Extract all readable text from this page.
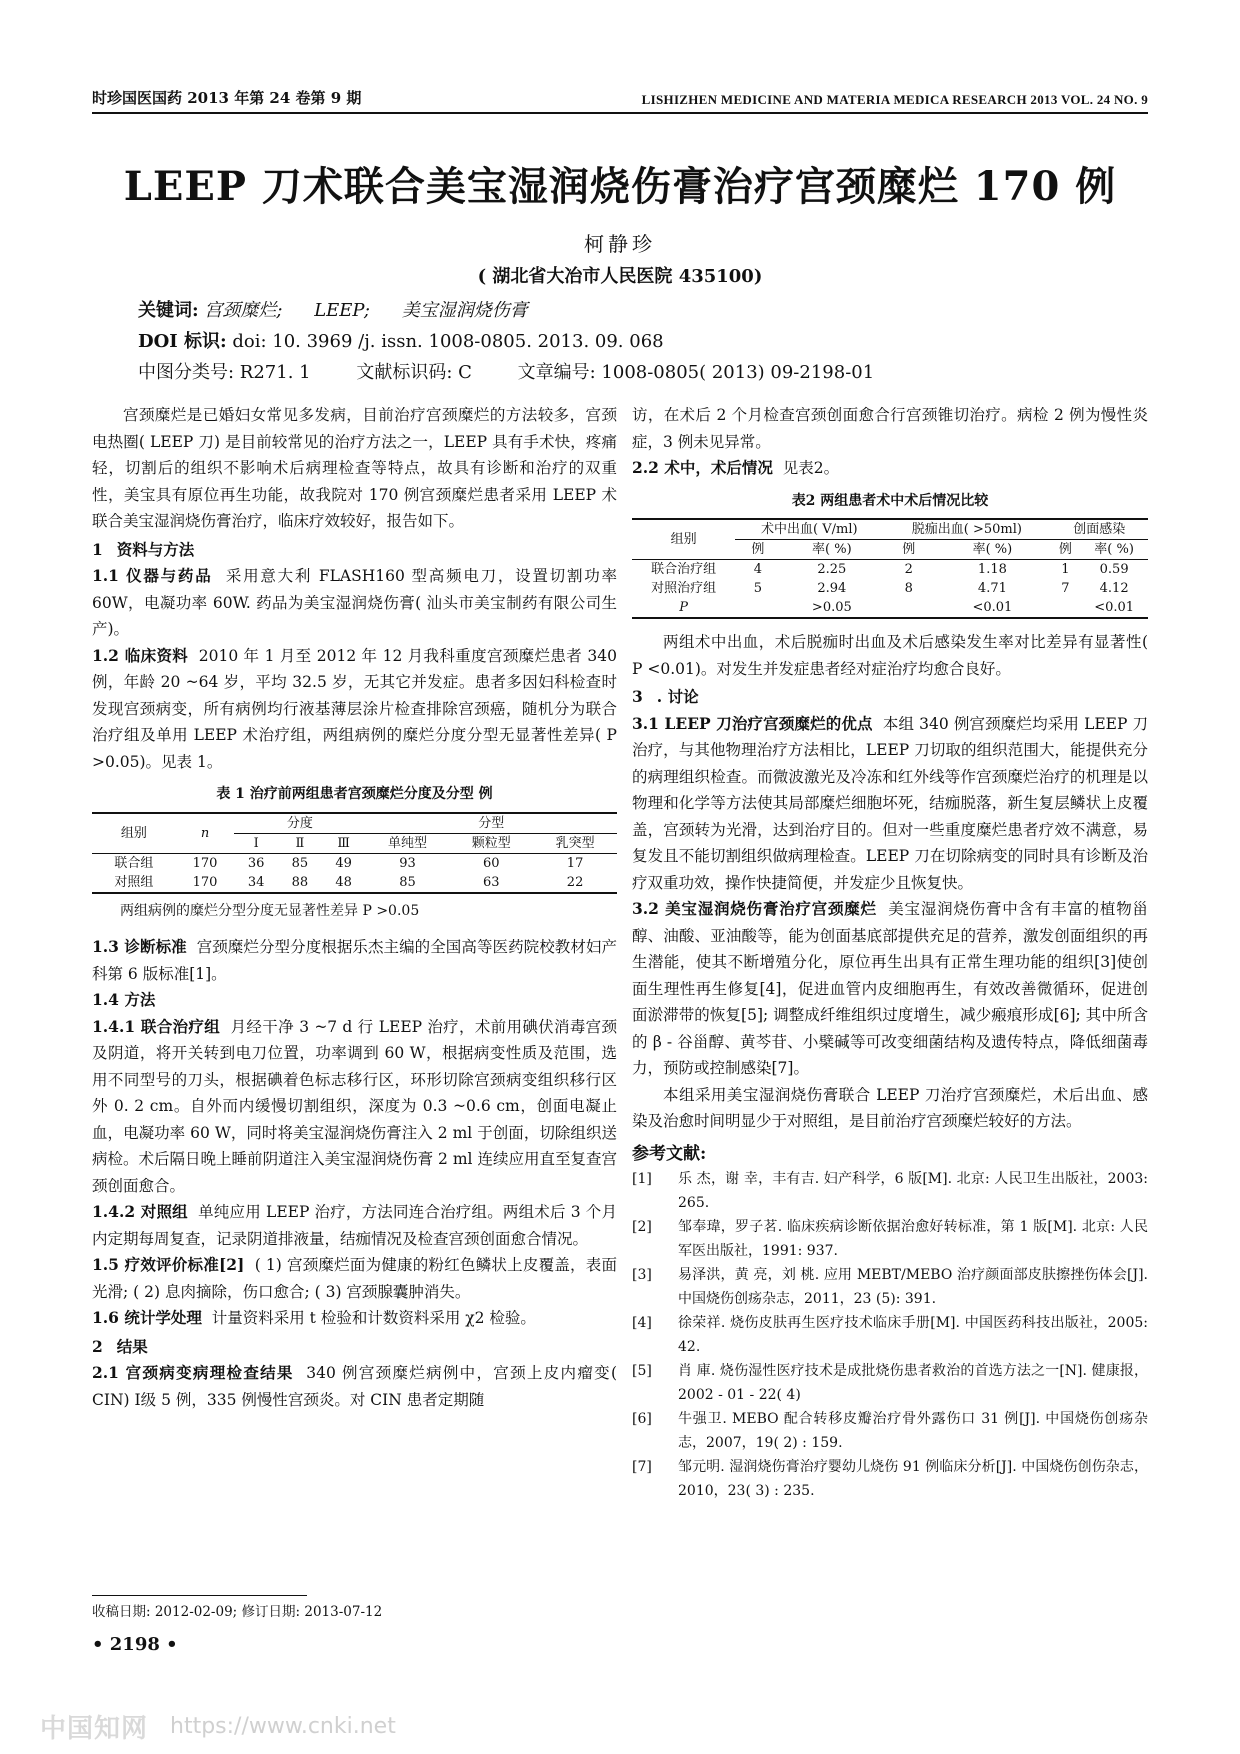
时珍国医国药 2013 年第 24 卷第 9 期	LISHIZHEN MEDICINE AND MATERIA MEDICA RESEARCH 2013 VOL. 24 NO. 9
LEEP 刀术联合美宝湿润烧伤膏治疗宫颈糜烂 170 例
柯静珍
( 湖北省大冶市人民医院 435100)
关键词: 宫颈糜烂; LEEP; 美宝湿润烧伤膏
DOI 标识: doi: 10. 3969 /j. issn. 1008-0805. 2013. 09. 068
中图分类号: R271. 1	文献标识码: C	文章编号: 1008-0805( 2013) 09-2198-01

宫颈糜烂是已婚妇女常见多发病，目前治疗宫颈糜烂的方法较多，宫颈电热圈( LEEP 刀) 是目前较常见的治疗方法之一，LEEP 具有手术快，疼痛轻，切割后的组织不影响术后病理检查等特点，故具有诊断和治疗的双重性，美宝具有原位再生功能，故我院对 170 例宫颈糜烂患者采用 LEEP 术联合美宝湿润烧伤膏治疗，临床疗效较好，报告如下。

1 资料与方法

1.1 仪器与药品 采用意大利 FLASH160 型高频电刀，设置切割功率 60W，电凝功率 60W. 药品为美宝湿润烧伤膏( 汕头市美宝制药有限公司生产)。

1.2 临床资料 2010 年 1 月至 2012 年 12 月我科重度宫颈糜烂患者 340 例，年龄 20 ~64 岁，平均 32.5 岁，无其它并发症。患者多因妇科检查时发现宫颈病变，所有病例均行液基薄层涂片检查排除宫颈癌，随机分为联合治疗组及单用 LEEP 术治疗组，两组病例的糜烂分度分型无显著性差异( P >0.05)。见表 1。

表 1 治疗前两组患者宫颈糜烂分度及分型 例
组别	n	分度			分型		
		Ⅰ	Ⅱ	Ⅲ	单纯型	颗粒型	乳突型
联合组	170	36	85	49	93	60	17
对照组	170	34	88	48	85	63	22
两组病例的糜烂分型分度无显著性差异 P >0.05

1.3 诊断标准 宫颈糜烂分型分度根据乐杰主编的全国高等医药院校教材妇产科第 6 版标准[1]。

1.4 方法

1.4.1 联合治疗组 月经干净 3 ~7 d 行 LEEP 治疗，术前用碘伏消毒宫颈及阴道，将开关转到电刀位置，功率调到 60 W，根据病变性质及范围，选用不同型号的刀头，根据碘着色标志移行区，环形切除宫颈病变组织移行区外 0. 2 cm。自外而内缓慢切割组织，深度为 0.3 ~0.6 cm，创面电凝止血，电凝功率 60 W，同时将美宝湿润烧伤膏注入 2 ml 于创面，切除组织送病检。术后隔日晚上睡前阴道注入美宝湿润烧伤膏 2 ml 连续应用直至复查宫颈创面愈合。

1.4.2 对照组 单纯应用 LEEP 治疗，方法同连合治疗组。两组术后 3 个月内定期每周复查，记录阴道排液量，结痂情况及检查宫颈创面愈合情况。

1.5 疗效评价标准[2] ( 1) 宫颈糜烂面为健康的粉红色鳞状上皮覆盖，表面光滑; ( 2) 息肉摘除，伤口愈合; ( 3) 宫颈腺囊肿消失。

1.6 统计学处理 计量资料采用 t 检验和计数资料采用 χ2 检验。

2 结果

2.1 宫颈病变病理检查结果 340 例宫颈糜烂病例中，宫颈上皮内瘤变( CIN) Ⅰ级 5 例，335 例慢性宫颈炎。对 CIN 患者定期随

访，在术后 2 个月检查宫颈创面愈合行宫颈锥切治疗。病检 2 例为慢性炎症，3 例未见异常。

2.2 术中，术后情况 见表2。

表2 两组患者术中术后情况比较
组别	术中出血( V/ml)		脱痂出血( >50ml)		创面感染	
	例	率( %)	例	率( %)	例	率( %)
联合治疗组	4	2.25	2	1.18	1	0.59
对照治疗组	5	2.94	8	4.71	7	4.12
P		>0.05		<0.01		<0.01

两组术中出血，术后脱痂时出血及术后感染发生率对比差异有显著性( P <0.01)。对发生并发症患者经对症治疗均愈合良好。

3 . 讨论

3.1 LEEP 刀治疗宫颈糜烂的优点 本组 340 例宫颈糜烂均采用 LEEP 刀治疗，与其他物理治疗方法相比，LEEP 刀切取的组织范围大，能提供充分的病理组织检查。而微波激光及冷冻和红外线等作宫颈糜烂治疗的机理是以物理和化学等方法使其局部糜烂细胞坏死，结痂脱落，新生复层鳞状上皮覆盖，宫颈转为光滑，达到治疗目的。但对一些重度糜烂患者疗效不满意，易复发且不能切割组织做病理检查。LEEP 刀在切除病变的同时具有诊断及治疗双重功效，操作快捷简便，并发症少且恢复快。

3.2 美宝湿润烧伤膏治疗宫颈糜烂 美宝湿润烧伤膏中含有丰富的植物甾醇、油酸、亚油酸等，能为创面基底部提供充足的营养，激发创面组织的再生潜能，使其不断增殖分化，原位再生出具有正常生理功能的组织[3]使创面生理性再生修复[4]，促进血管内皮细胞再生，有效改善微循环，促进创面淤滞带的恢复[5]; 调整成纤维组织过度增生，减少瘢痕形成[6]; 其中所含的 β - 谷甾醇、黄芩苷、小檗碱等可改变细菌结构及遗传特点，降低细菌毒力，预防或控制感染[7]。

本组采用美宝湿润烧伤膏联合 LEEP 刀治疗宫颈糜烂，术后出血、感染及治愈时间明显少于对照组，是目前治疗宫颈糜烂较好的方法。

参考文献:
[1]	乐 杰，谢 幸，丰有吉. 妇产科学，6 版[M]. 北京: 人民卫生出版社，2003: 265.
[2]	邹奉瑋，罗子茗. 临床疾病诊断依据治愈好转标准，第 1 版[M]. 北京: 人民军医出版社，1991: 937.
[3]	易泽洪，黄 亮，刘 桃. 应用 MEBT/MEBO 治疗颜面部皮肤擦挫伤体会[J]. 中国烧伤创疡杂志，2011，23 (5): 391.
[4]	徐荣祥. 烧伤皮肤再生医疗技术临床手册[M]. 中国医药科技出版社，2005: 42.
[5]	肖 庫. 烧伤湿性医疗技术是成批烧伤患者救治的首选方法之一[N]. 健康报，2002 - 01 - 22( 4)
[6]	牛强卫. MEBO 配合转移皮瓣治疗骨外露伤口 31 例[J]. 中国烧伤创疡杂志，2007，19( 2) : 159.
[7]	邹元明. 湿润烧伤膏治疗婴幼儿烧伤 91 例临床分析[J]. 中国烧伤创伤杂志，2010，23( 3) : 235.
收稿日期: 2012-02-09; 修订日期: 2013-07-12
• 2198 •
中国知网 https://www.cnki.net
